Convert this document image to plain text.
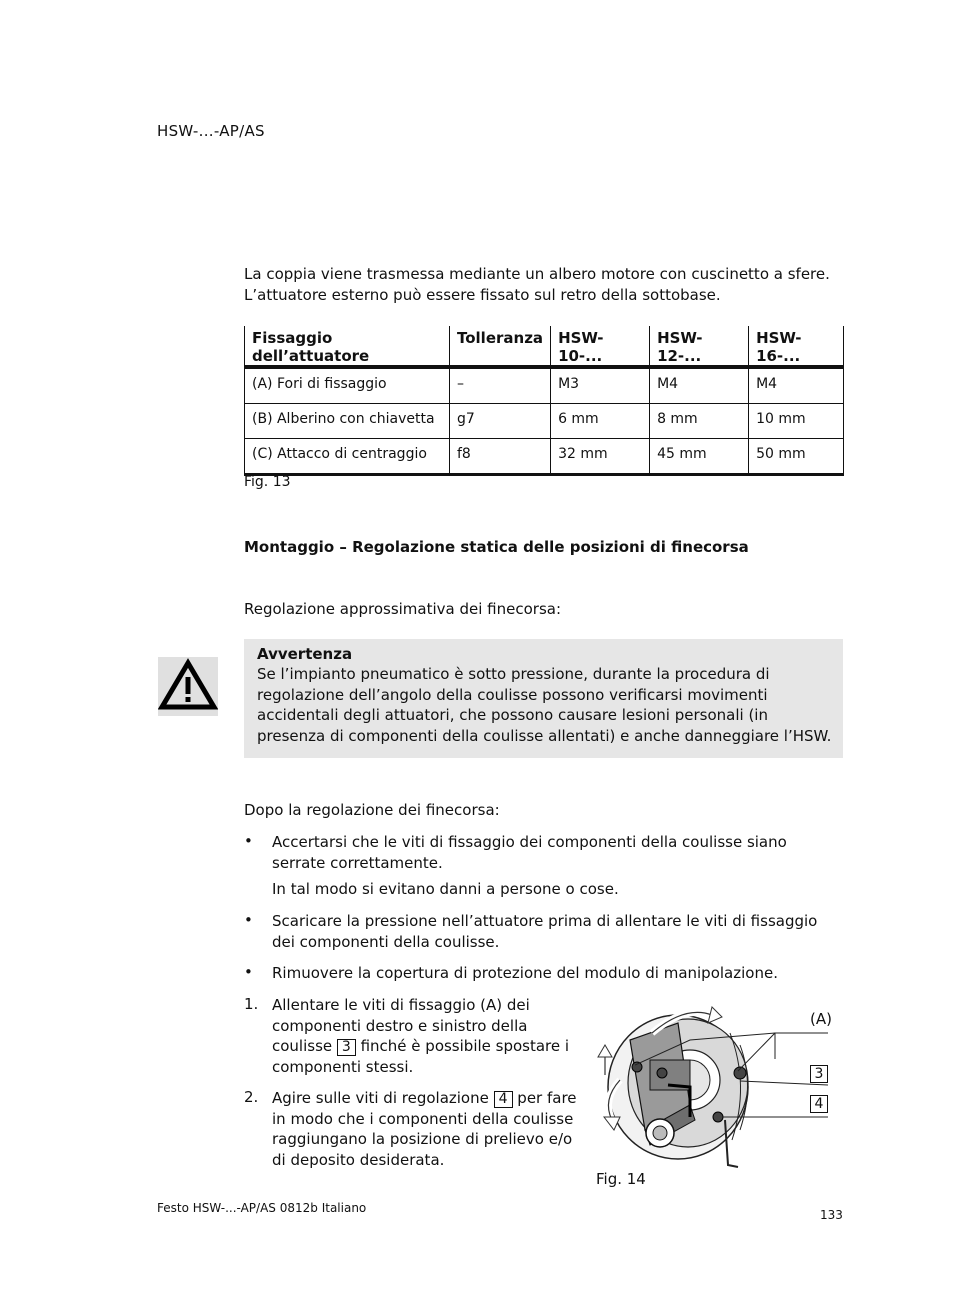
HSW-...-AP/AS
La coppia viene trasmessa mediante un albero motore con cuscinetto a sfere.
L’attuatore esterno può essere fissato sul retro della sottobase.
Fissaggio dell’attuatore	Tolleranza	HSW-10-...	HSW-12-...	HSW-16-...
(A) Fori di fissaggio	–	M3	M4	M4
(B) Alberino con chiavetta	g7	6 mm	8 mm	10 mm
(C) Attacco di centraggio	f8	32 mm	45 mm	50 mm
Fig. 13
Montaggio – Regolazione statica delle posizioni di finecorsa
Regolazione approssimativa dei finecorsa:
Avvertenza
Se l’impianto pneumatico è sotto pressione, durante la procedura di regolazione dell’angolo della coulisse possono verificarsi movimenti accidentali degli attuatori, che possono causare lesioni personali (in presenza di componenti della coulisse allentati) e anche danneggiare l’HSW.
Dopo la regolazione dei finecorsa:
• Accertarsi che le viti di fissaggio dei componenti della coulisse siano serrate correttamente.
In tal modo si evitano danni a persone o cose.
• Scaricare la pressione nell’attuatore prima di allentare le viti di fissaggio dei componenti della coulisse.
• Rimuovere la copertura di protezione del modulo di manipolazione.
1. Allentare le viti di fissaggio (A) dei componenti destro e sinistro della coulisse 3 finché è possibile spostare i componenti stessi.
2. Agire sulle viti di regolazione 4 per fare in modo che i componenti della coulisse raggiungano la posizione di prelievo e/o di deposito desiderata.
(A)
3
4
Fig. 14
Festo HSW-...-AP/AS 0812b Italiano	133
